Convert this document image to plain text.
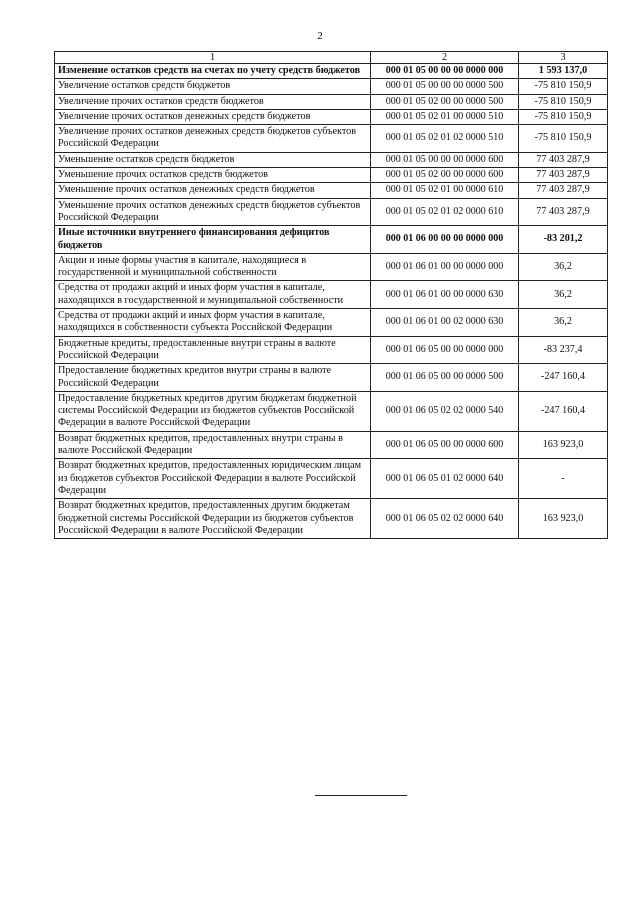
2
1	2	3
Изменение остатков средств на счетах по учету средств бюджетов	000 01 05 00 00 00 0000 000	1 593 137,0
Увеличение остатков средств бюджетов	000 01 05 00 00 00 0000 500	-75 810 150,9
Увеличение прочих остатков средств бюджетов	000 01 05 02 00 00 0000 500	-75 810 150,9
Увеличение прочих остатков денежных средств бюджетов	000 01 05 02 01 00 0000 510	-75 810 150,9
Увеличение прочих остатков денежных средств бюджетов субъектов Российской Федерации	000 01 05 02 01 02 0000 510	-75 810 150,9
Уменьшение остатков средств бюджетов	000 01 05 00 00 00 0000 600	77 403 287,9
Уменьшение прочих остатков средств бюджетов	000 01 05 02 00 00 0000 600	77 403 287,9
Уменьшение прочих остатков денежных средств бюджетов	000 01 05 02 01 00 0000 610	77 403 287,9
Уменьшение прочих остатков денежных средств бюджетов субъектов Российской Федерации	000 01 05 02 01 02 0000 610	77 403 287,9
Иные источники внутреннего финансирования дефицитов бюджетов	000 01 06 00 00 00 0000 000	-83 201,2
Акции и иные формы участия в капитале, находящиеся в государственной и муниципальной собственности	000 01 06 01 00 00 0000 000	36,2
Средства от продажи акций и иных форм участия в капитале, находящихся в государственной и муниципальной собственности	000 01 06 01 00 00 0000 630	36,2
Средства от продажи акций и иных форм участия в капитале, находящихся в собственности субъекта Российской Федерации	000 01 06 01 00 02 0000 630	36,2
Бюджетные кредиты, предоставленные внутри страны в валюте Российской Федерации	000 01 06 05 00 00 0000 000	-83 237,4
Предоставление бюджетных кредитов внутри страны в валюте Российской Федерации	000 01 06 05 00 00 0000 500	-247 160,4
Предоставление бюджетных кредитов другим бюджетам бюджетной системы Российской Федерации из бюджетов субъектов Российской Федерации в валюте Российской Федерации	000 01 06 05 02 02 0000 540	-247 160,4
Возврат бюджетных кредитов, предоставленных внутри страны в валюте Российской Федерации	000 01 06 05 00 00 0000 600	163 923,0
Возврат бюджетных кредитов, предоставленных юридическим лицам из бюджетов субъектов Российской Федерации в валюте Российской Федерации	000 01 06 05 01 02 0000 640	-
Возврат бюджетных кредитов, предоставленных другим бюджетам бюджетной системы Российской Федерации из бюджетов субъектов Российской Федерации в валюте Российской Федерации	000 01 06 05 02 02 0000 640	163 923,0
